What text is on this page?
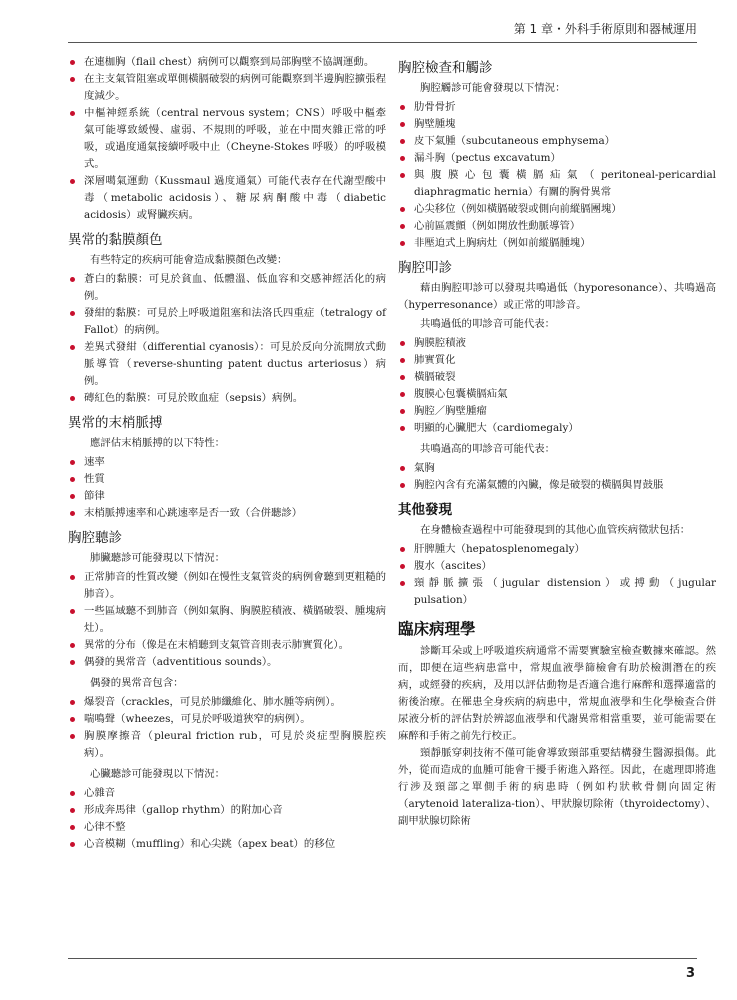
第 1 章・外科手術原則和器械運用
在連枷胸（flail chest）病例可以觀察到局部胸壁不協調運動。
在主支氣管阻塞或單側橫膈破裂的病例可能觀察到半邊胸腔擴張程度減少。
中樞神經系統（central nervous system；CNS）呼吸中樞牽氣可能導致緩慢、虛弱、不規則的呼吸，並在中間夾雜正常的呼吸，或過度通氣接續呼吸中止（Cheyne-Stokes 呼吸）的呼吸模式。
深層噶氣運動（Kussmaul 過度通氣）可能代表存在代謝型酸中毒（metabolic acidosis）、糖尿病酮酸中毒（diabetic acidosis）或腎臟疾病。
異常的黏膜顏色

有些特定的疾病可能會造成黏膜顏色改變：

蒼白的黏膜：可見於貧血、低體溫、低血容和交感神經活化的病例。
發紺的黏膜：可見於上呼吸道阻塞和法洛氏四重症（tetralogy of Fallot）的病例。
差異式發紺（differential cyanosis）：可見於反向分流開放式動脈導管（reverse-shunting patent ductus arteriosus）病例。
磚紅色的黏膜：可見於敗血症（sepsis）病例。
異常的末梢脈搏

應評估末梢脈搏的以下特性：

速率
性質
節律
末梢脈搏速率和心跳速率是否一致（合併聽診）
胸腔聽診

肺臟聽診可能發現以下情況：

正常肺音的性質改變（例如在慢性支氣管炎的病例會聽到更粗糙的肺音）。
一些區域聽不到肺音（例如氣胸、胸膜腔積液、橫膈破裂、腫塊病灶）。
異常的分布（像是在末梢聽到支氣管音則表示肺實質化）。
偶發的異常音（adventitious sounds）。

偶發的異常音包含：

爆裂音（crackles，可見於肺纖維化、肺水腫等病例）。
喘鳴聲（wheezes，可見於呼吸道狹窄的病例）。
胸膜摩擦音（pleural friction rub，可見於炎症型胸膜腔疾病）。

心臟聽診可能發現以下情況：

心雜音
形成奔馬律（gallop rhythm）的附加心音
心律不整
心音模糊（muffling）和心尖跳（apex beat）的移位
胸腔檢查和觸診

胸腔觸診可能會發現以下情況：

肋骨骨折
胸壁腫塊
皮下氣腫（subcutaneous emphysema）
漏斗胸（pectus excavatum）
與腹膜心包囊橫膈疝氣（peritoneal-pericardial diaphragmatic hernia）有關的胸骨異常
心尖移位（例如橫膈破裂或側向前縱膈團塊）
心前區震顫（例如開放性動脈導管）
非壓迫式上胸病灶（例如前縱膈腫塊）
胸腔叩診

藉由胸腔叩診可以發現共鳴過低（hyporesonance）、共鳴過高（hyperresonance）或正常的叩診音。

共鳴過低的叩診音可能代表：

胸膜腔積液
肺實質化
橫膈破裂
腹膜心包囊橫膈疝氣
胸腔／胸壁腫瘤
明顯的心臟肥大（cardiomegaly）

共鳴過高的叩診音可能代表：

氣胸
胸腔內含有充滿氣體的內臟，像是破裂的橫膈與胃鼓脹
其他發現

在身體檢查過程中可能發現到的其他心血管疾病徵狀包括：

肝脾腫大（hepatosplenomegaly）
腹水（ascites）
頸靜脈擴張（jugular distension）或搏動（jugular pulsation）
臨床病理學

診斷耳朵或上呼吸道疾病通常不需要實驗室檢查數據來確認。然而，即便在這些病患當中，常規血液學篩檢會有助於檢測潛在的疾病，或經發的疾病，及用以評估動物是否適合進行麻醉和選擇適當的術後治療。在罹患全身疾病的病患中，常規血液學和生化學檢查合併尿液分析的評估對於辨認血液學和代謝異常相當重要，並可能需要在麻醉和手術之前先行校正。

頸靜脈穿刺技術不僅可能會導致頸部重要結構發生醫源損傷。此外，從而造成的血腫可能會干擾手術進入路徑。因此，在處理即將進行涉及頸部之單側手術的病患時（例如杓狀軟骨側向固定術（arytenoid lateraliza-tion）、甲狀腺切除術（thyroidectomy）、副甲狀腺切除術

3
